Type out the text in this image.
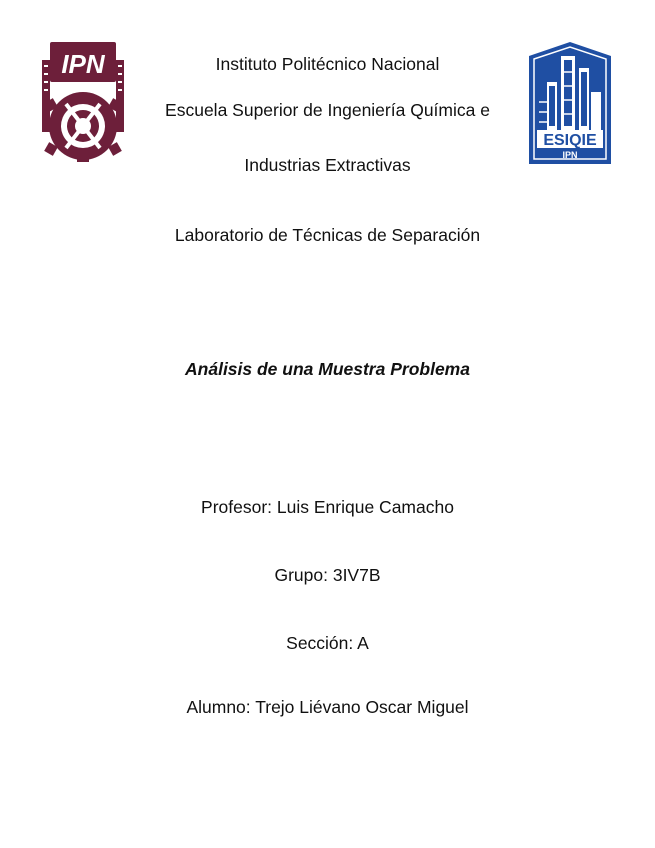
IPN
ESIQIE
IPN
Instituto Politécnico Nacional
Escuela Superior de Ingeniería Química e
Industrias Extractivas
Laboratorio de Técnicas de Separación
Análisis de una Muestra Problema
Profesor: Luis Enrique Camacho
Grupo: 3IV7B
Sección: A
Alumno: Trejo Liévano Oscar Miguel
